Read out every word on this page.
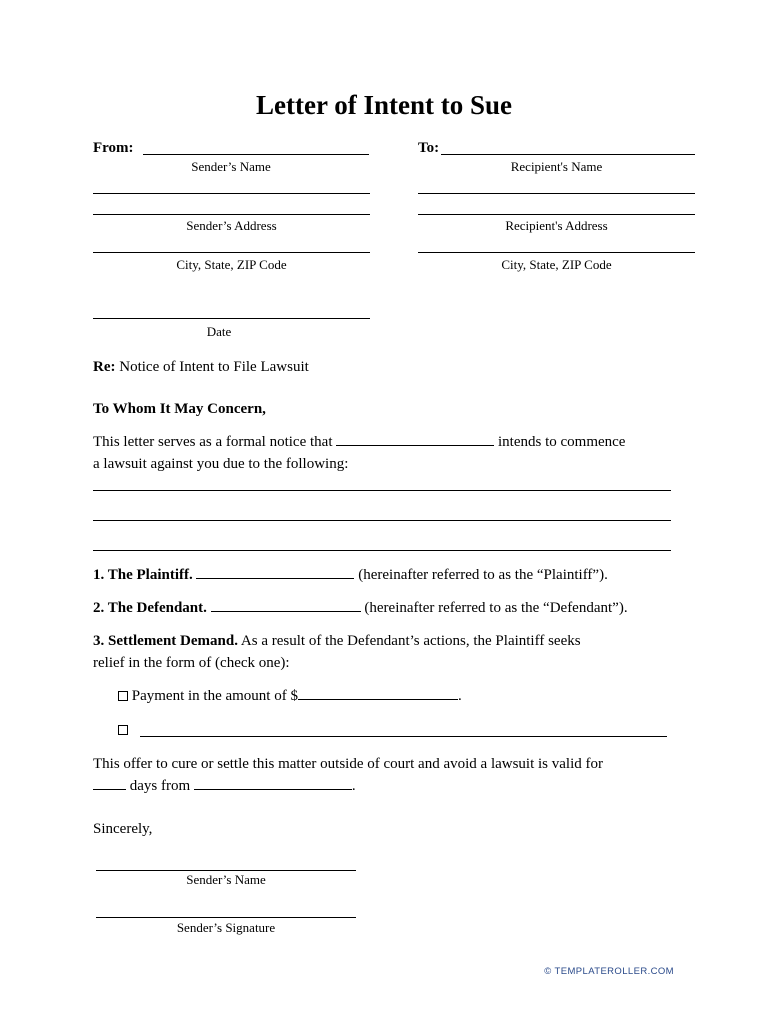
Letter of Intent to Sue
From:
Sender’s Name
To:
Recipient's Name
Sender’s Address	Recipient's Address
City, State, ZIP Code	City, State, ZIP Code
Date
Re: Notice of Intent to File Lawsuit
To Whom It May Concern,
This letter serves as a formal notice that	intends to commence
a lawsuit against you due to the following:
1. The Plaintiff.	(hereinafter referred to as the “Plaintiff”).
2. The Defendant.	(hereinafter referred to as the “Defendant”).
3. Settlement Demand. As a result of the Defendant’s actions, the Plaintiff seeks
relief in the form of (check one):
Payment in the amount of $	.
This offer to cure or settle this matter outside of court and avoid a lawsuit is valid for
days from	.
Sincerely,
Sender’s Name
Sender’s Signature
© TEMPLATEROLLER.COM
